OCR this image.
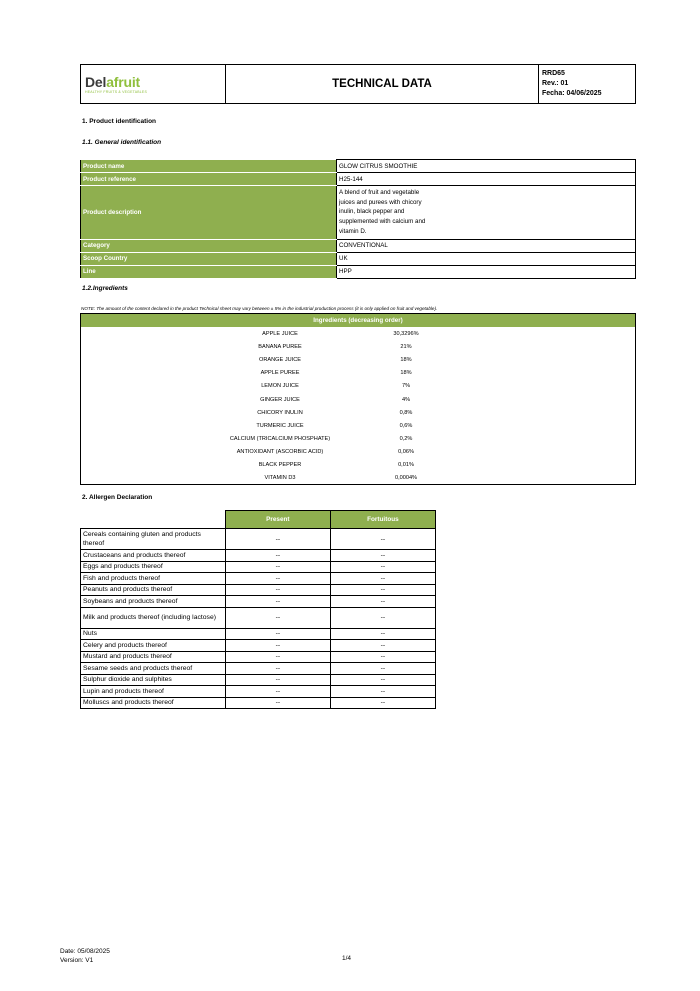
Delafruit
HEALTHY FRUITS & VEGETABLES
TECHNICAL DATA
RRD65
Rev.: 01
Fecha: 04/06/2025
1. Product identification
1.1. General identification
Product name	GLOW CITRUS SMOOTHIE
Product reference	H25-144
Product description	A blend of fruit and vegetable
juices and purees with chicory
inulin, black pepper and
supplemented with calcium and
vitamin D.

Category	CONVENTIONAL
Scoop Country	UK
Line	HPP
1.2.Ingredients
NOTE: The amount of the content declared in the product Technical sheet may vary between ± 5% in the industrial production process (it is only applied on fruit and vegetable).
Ingredients (decreasing order)
APPLE JUICE	30,3296%
BANANA PUREE	21%
ORANGE JUICE	18%
APPLE PUREE	18%
LEMON JUICE	7%
GINGER JUICE	4%
CHICORY INULIN	0,8%
TURMERIC JUICE	0,6%
CALCIUM (TRICALCIUM PHOSPHATE)	0,2%
ANTIOXIDANT (ASCORBIC ACID)	0,06%
BLACK PEPPER	0,01%
VITAMIN D3	0,0004%
2. Allergen Declaration
	Present	Fortuitous
Cereals containing gluten and products thereof	--	--
Crustaceans and products thereof	--	--
Eggs and products thereof	--	--
Fish and products thereof	--	--
Peanuts and products thereof	--	--
Soybeans and products thereof	--	--
Milk and products thereof (including lactose)	--	--
Nuts	--	--
Celery and products thereof	--	--
Mustard and products thereof	--	--
Sesame seeds and products thereof	--	--
Sulphur dioxide and sulphites	--	--
Lupin and products thereof	--	--
Molluscs and products thereof	--	--
Date: 05/08/2025
Version: V1	1/4
